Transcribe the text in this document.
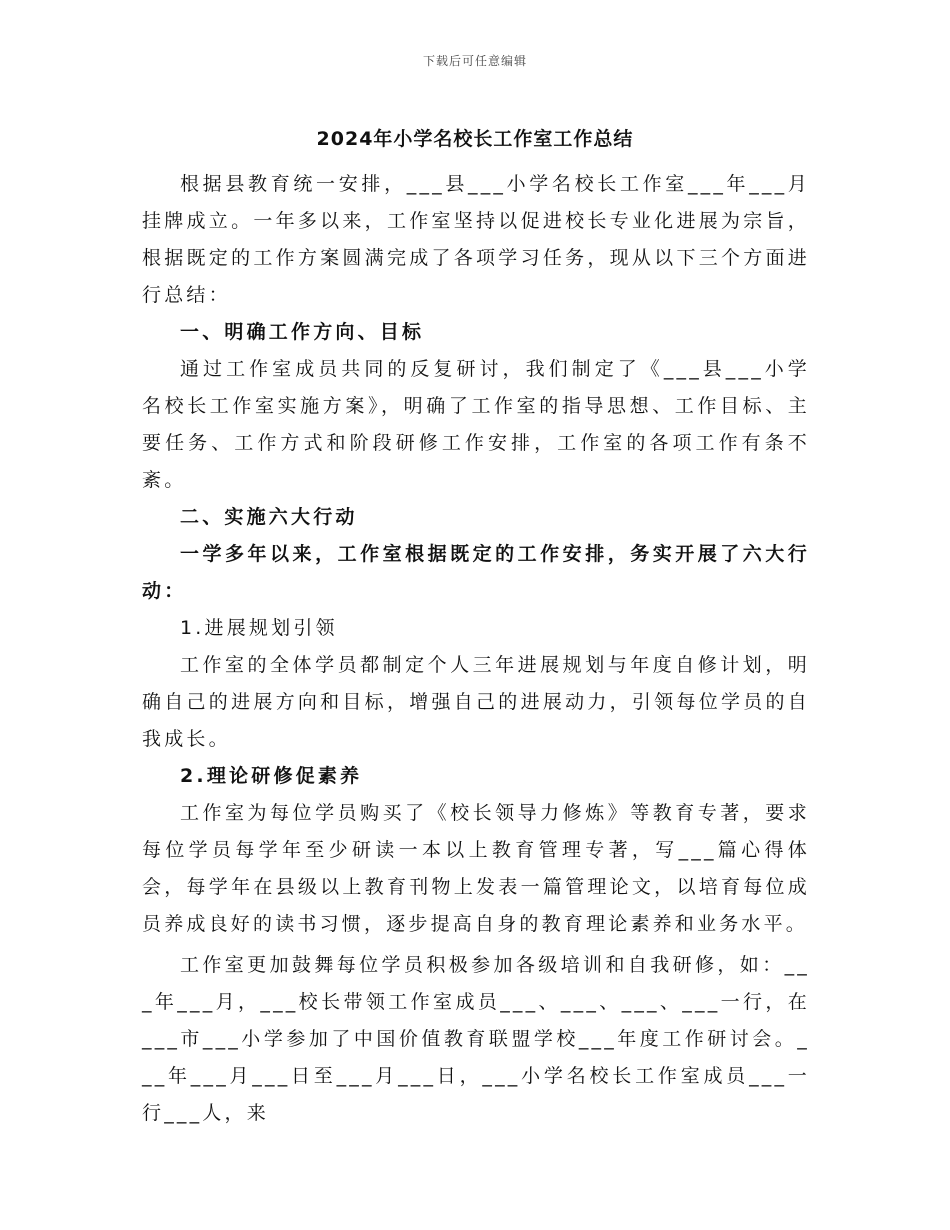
下载后可任意编辑
2024年小学名校长工作室工作总结

根据县教育统一安排，___县___小学名校长工作室___年___月挂牌成立。一年多以来，工作室坚持以促进校长专业化进展为宗旨，根据既定的工作方案圆满完成了各项学习任务，现从以下三个方面进行总结：

一、明确工作方向、目标

通过工作室成员共同的反复研讨，我们制定了《___县___小学名校长工作室实施方案》，明确了工作室的指导思想、工作目标、主要任务、工作方式和阶段研修工作安排，工作室的各项工作有条不紊。

二、实施六大行动

一学多年以来，工作室根据既定的工作安排，务实开展了六大行动：

1.进展规划引领

工作室的全体学员都制定个人三年进展规划与年度自修计划，明确自己的进展方向和目标，增强自己的进展动力，引领每位学员的自我成长。

2.理论研修促素养

工作室为每位学员购买了《校长领导力修炼》等教育专著，要求每位学员每学年至少研读一本以上教育管理专著，写___篇心得体会，每学年在县级以上教育刊物上发表一篇管理论文，以培育每位成员养成良好的读书习惯，逐步提高自身的教育理论素养和业务水平。

工作室更加鼓舞每位学员积极参加各级培训和自我研修，如：___年___月，___校长带领工作室成员___、___、___、___一行，在___市___小学参加了中国价值教育联盟学校___年度工作研讨会。___年___月___日至___月___日，___小学名校长工作室成员___一行___人，来
